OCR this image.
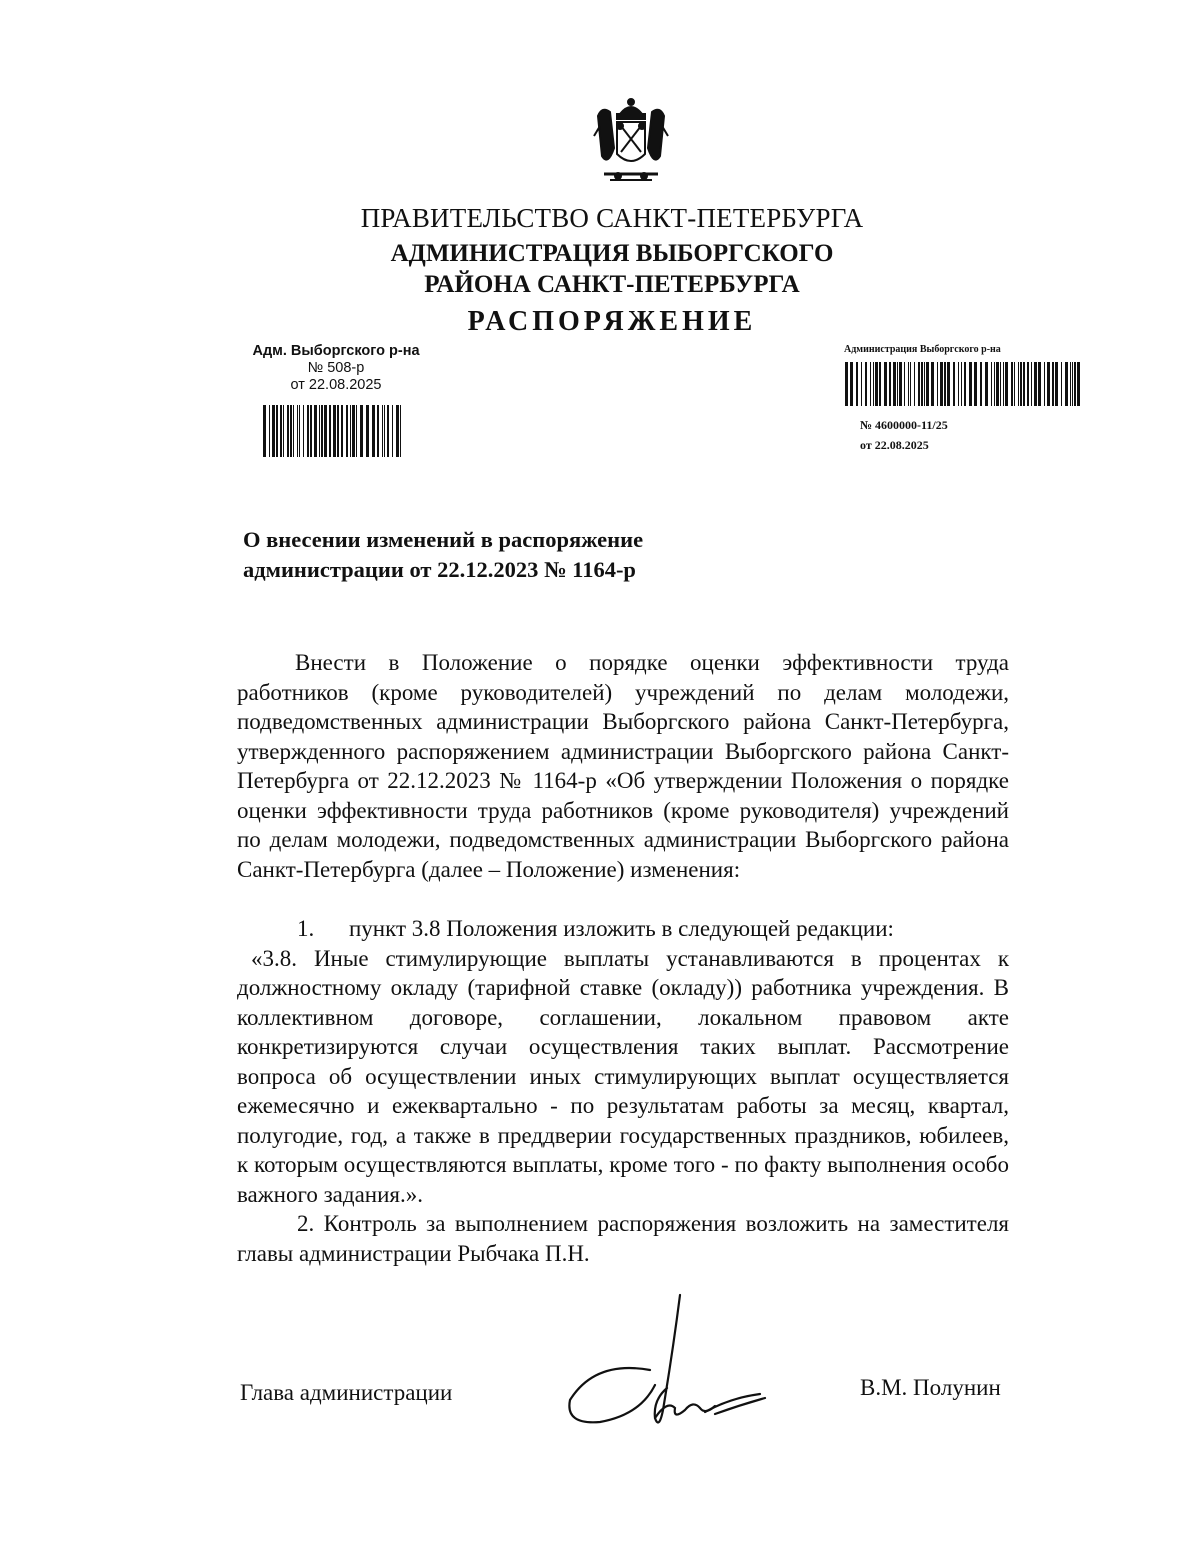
ПРАВИТЕЛЬСТВО САНКТ-ПЕТЕРБУРГА
АДМИНИСТРАЦИЯ ВЫБОРГСКОГО
РАЙОНА САНКТ-ПЕТЕРБУРГА
РАСПОРЯЖЕНИЕ
Адм. Выборгского р-на
№ 508-р
от 22.08.2025
Администрация Выборгского р-на
№ 4600000-11/25
от 22.08.2025
О внесении изменений в распоряжение
администрации от 22.12.2023 № 1164-р

Внести в Положение о порядке оценки эффективности труда работников (кроме руководителей) учреждений по делам молодежи, подведомственных администрации Выборгского района Санкт-Петербурга, утвержденного распоряжением администрации Выборгского района Санкт-Петербурга от 22.12.2023 № 1164-р «Об утверждении Положения о порядке оценки эффективности труда работников (кроме руководителя) учреждений по делам молодежи, подведомственных администрации Выборгского района Санкт-Петербурга (далее – Положение) изменения:

1. пункт 3.8 Положения изложить в следующей редакции:

«3.8. Иные стимулирующие выплаты устанавливаются в процентах к должностному окладу (тарифной ставке (окладу)) работника учреждения. В коллективном договоре, соглашении, локальном правовом акте конкретизируются случаи осуществления таких выплат. Рассмотрение вопроса об осуществлении иных стимулирующих выплат осуществляется ежемесячно и ежеквартально - по результатам работы за месяц, квартал, полугодие, год, а также в преддверии государственных праздников, юбилеев, к которым осуществляются выплаты, кроме того - по факту выполнения особо важного задания.».

2. Контроль за выполнением распоряжения возложить на заместителя главы администрации Рыбчака П.Н.

Глава администрации	В.М. Полунин
